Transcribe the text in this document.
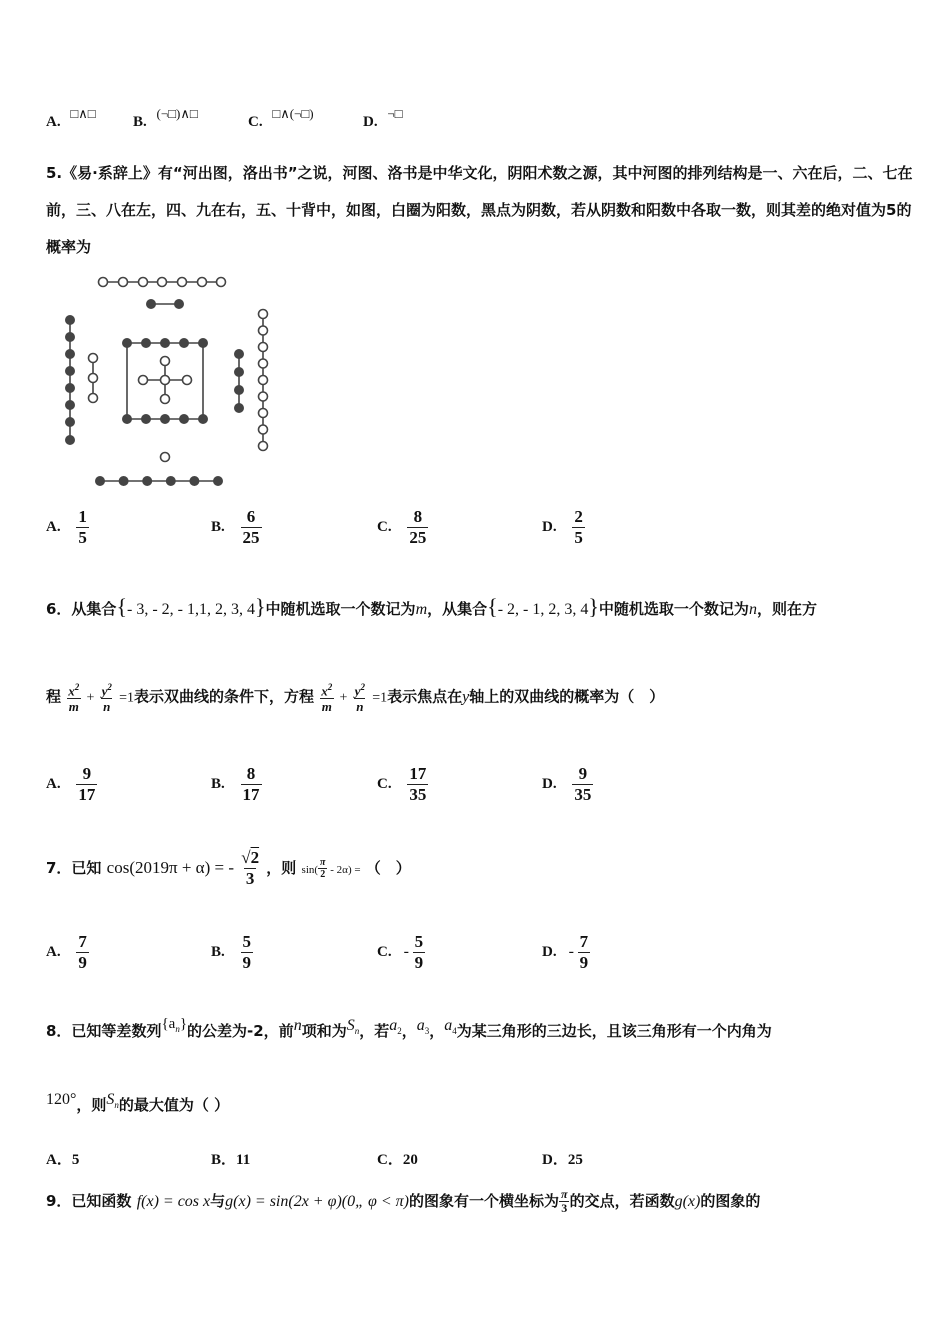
A. □∧□
B. (¬□)∧□
C. □∧(¬□)
D. ¬□
5.《易·系辞上》有“河出图，洛出书”之说，河图、洛书是中华文化，阴阳术数之源，其中河图的排列结构是一、六在后，二、七在前，三、八在左，四、九在右，五、十背中，如图，白圈为阳数，黑点为阴数，若从阴数和阳数中各取一数，则其差的绝对值为5的概率为
A. $\frac{1}{5}$	B. $\frac{6}{25}$	C. $\frac{8}{25}$	D. $\frac{2}{5}$
6．从集合{- 3, - 2, - 1,1, 2, 3, 4}中随机选取一个数记为m，从集合{- 2, - 1, 2, 3, 4}中随机选取一个数记为n，则在方
程 $\frac{x^2}{m} + \frac{y^2}{n} =1$表示双曲线的条件下，方程 $\frac{x^2}{m} + \frac{y^2}{n} =1$表示焦点在y轴上的双曲线的概率为（　）
A. $\frac{9}{17}$	B. $\frac{8}{17}$	C. $\frac{17}{35}$	D. $\frac{9}{35}$
7．已知 cos(2019π + α) = - $\frac{√2}{3}$ ，则 $\sin( \frac{\pi}{2} - 2\alpha)$ = （　）
A. $\frac{7}{9}$	B. $\frac{5}{9}$	C. - $\frac{5}{9}$	D. - $\frac{7}{9}$
8．已知等差数列$\{a_n\}$的公差为-2，前n项和为$S_n$，若$a_2$，$a_3$，$a_4$为某三角形的三边长，且该三角形有一个内角为
120°，则$S_n$的最大值为（ ）
A．5	B．11	C．20	D．25
9．已知函数 f(x) = cos x与g(x) = sin(2x + φ)(0„ φ < π)的图象有一个横坐标为 $\frac{\pi}{3}$ 的交点，若函数g(x)的图象的
